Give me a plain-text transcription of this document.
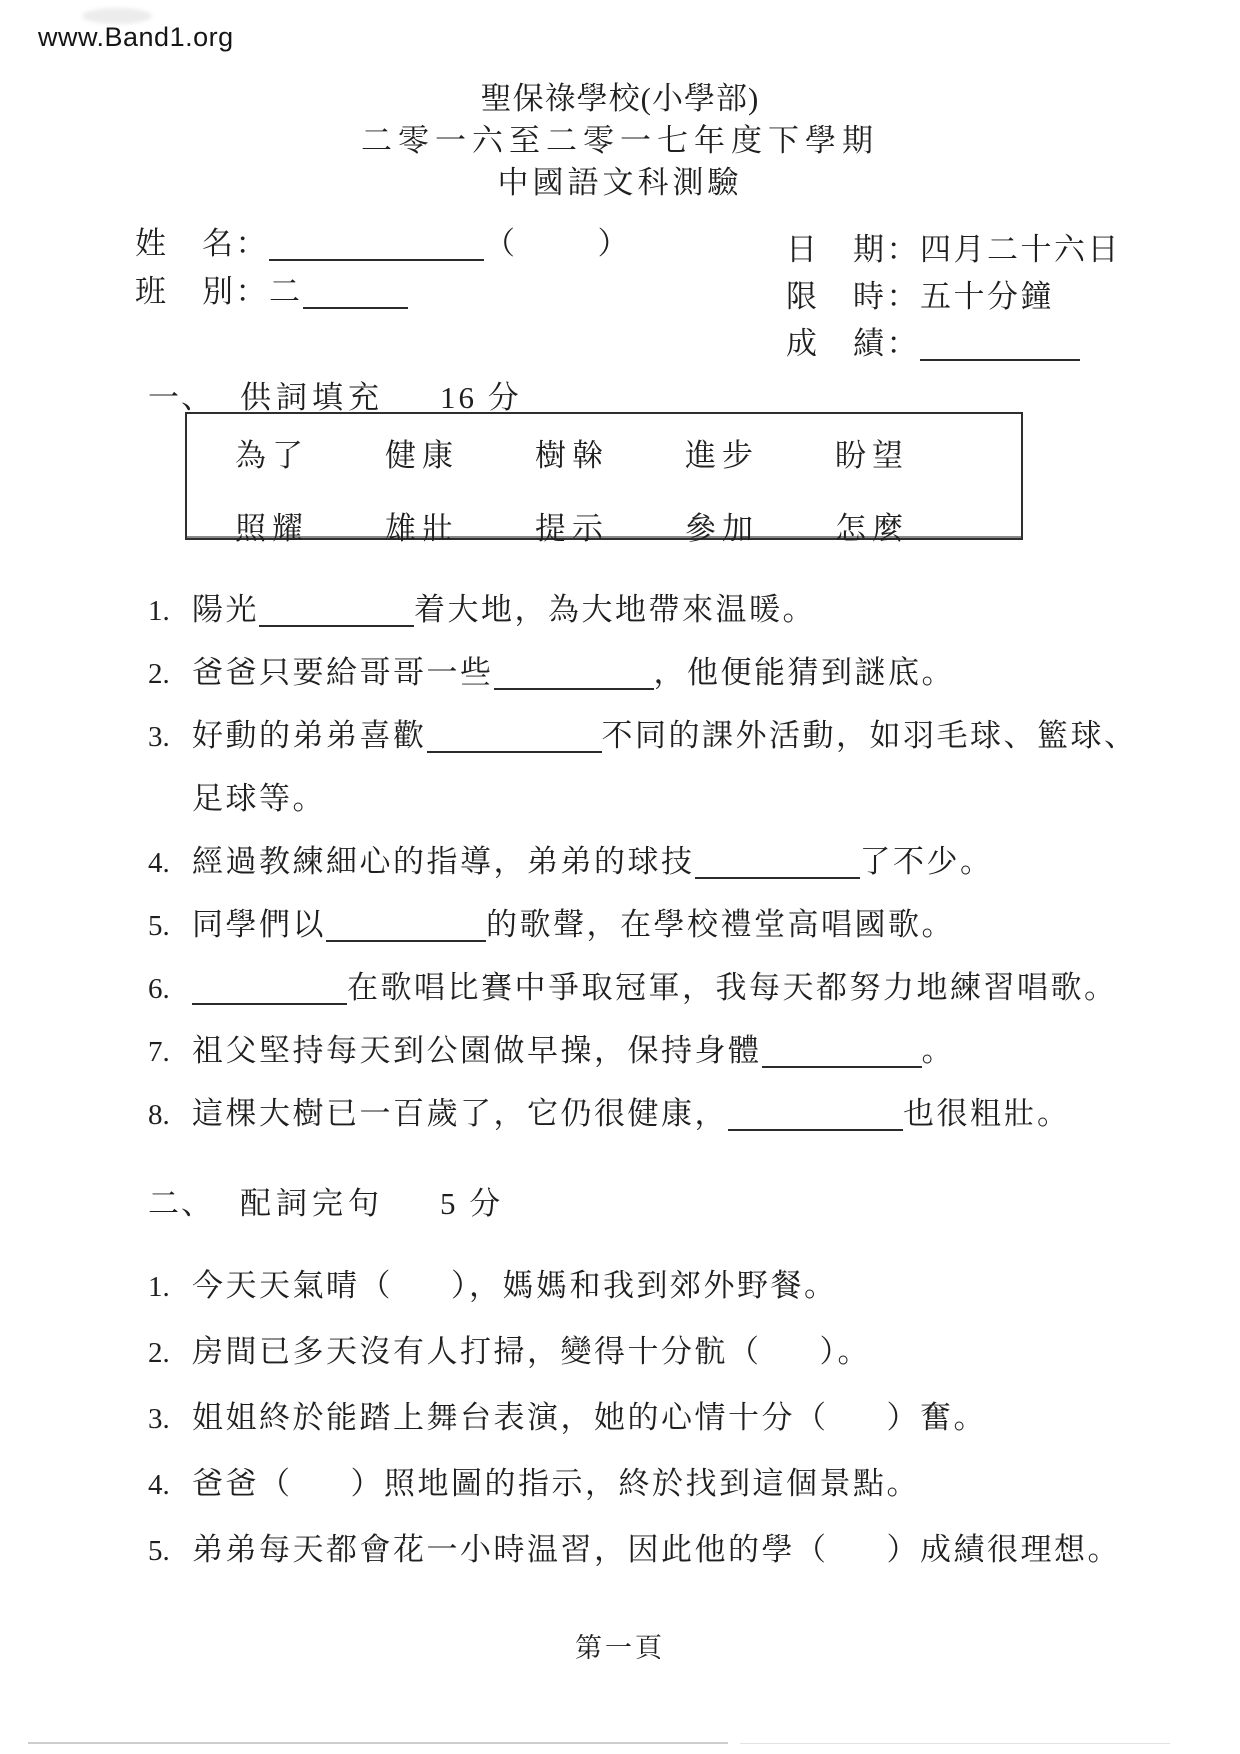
www.Band1.org
聖保祿學校(小學部)
二零一六至二零一七年度下學期
中國語文科測驗
姓　名：	（	）
班　別：二
日　期：四月二十六日
限　時：五十分鐘
成　績：
一、 供詞填充 16 分
為了 健康 樹榦 進步 盼望
照耀 雄壯 提示 參加 怎麼
1. 陽光	着大地，為大地帶來温暖。
2. 爸爸只要給哥哥一些	，他便能猜到謎底。
3. 好動的弟弟喜歡	不同的課外活動，如羽毛球、籃球、
足球等。
4. 經過教練細心的指導，弟弟的球技	了不少。
5. 同學們以	的歌聲，在學校禮堂高唱國歌。
6.	在歌唱比賽中爭取冠軍，我每天都努力地練習唱歌。
7. 祖父堅持每天到公園做早操，保持身體	。
8. 這棵大樹已一百歲了，它仍很健康，	也很粗壯。
二、 配詞完句 5 分
1. 今天天氣晴（ ），媽媽和我到郊外野餐。
2. 房間已多天沒有人打掃，變得十分骯（ ）。
3. 姐姐終於能踏上舞台表演，她的心情十分（ ）奮。
4. 爸爸（ ）照地圖的指示，終於找到這個景點。
5. 弟弟每天都會花一小時温習，因此他的學（ ）成績很理想。
第一頁
